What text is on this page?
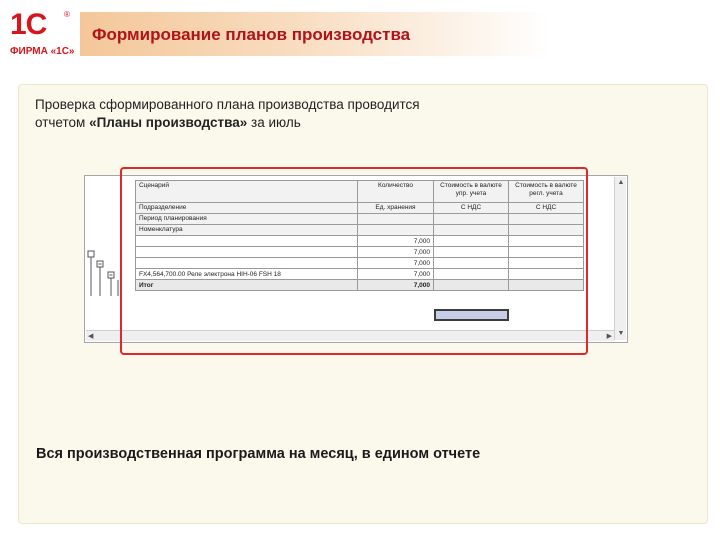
1С ®
ФИРМА «1С»
Формирование планов производства
Проверка сформированного плана производства проводится
отчетом «Планы производства» за июль
Сценарий	Количество	Стоимость в валюте упр. учета	Стоимость в валюте регл. учета
Подразделение	Ед. хранения	С НДС	С НДС
Период планирования			
Номенклатура			
	7,000		
	7,000		
	7,000		
FX4,564,700.00 Реле электрона HIH-06 FSH 18	7,000		
Итог	7,000		
▲
▼
◀	▶
Вся производственная программа на месяц, в едином отчете
